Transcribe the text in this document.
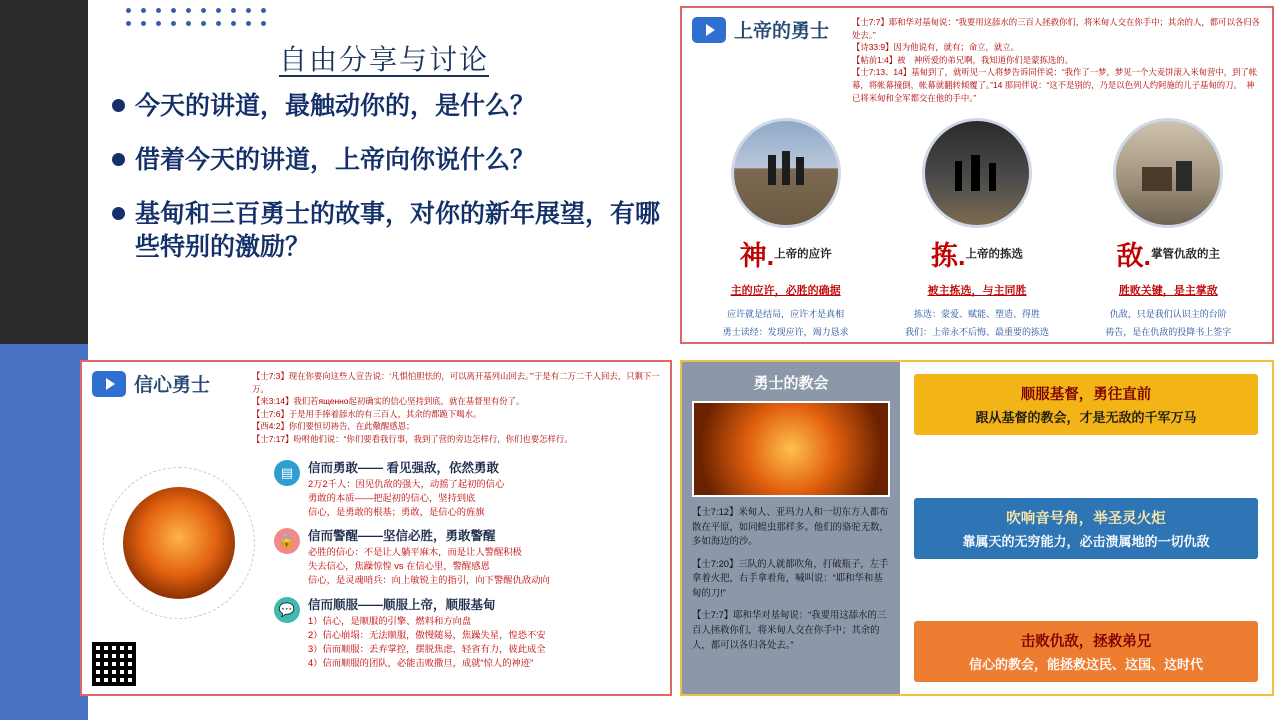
自由分享与讨论
今天的讲道，最触动你的，是什么？
借着今天的讲道，上帝向你说什么？
基甸和三百勇士的故事，对你的新年展望，有哪些特别的激励？
上帝的勇士	【士7:7】耶和华对基甸说：“我要用这舔水的三百人拯救你们，将米甸人交在你手中；其余的人，都可以各归各处去。”
【诗33:9】因为他说有，就有；命立，就立。
【帖前1:4】被　神所爱的弟兄啊，我知道你们是蒙拣选的。
【士7:13、14】基甸到了，就听见一人将梦告诉同伴说：“我作了一梦，梦见一个大麦饼滚入米甸营中，到了帐幕，将帐幕撞倒，帐幕就翻转倾覆了。”14 那同伴说：“这不是别的，乃是以色列人约阿施的儿子基甸的刀。　神已将米甸和全军都交在他的手中。”
神.上帝的应许
主的应许，必胜的确据
应许就是结局，应许才是真相
勇士读经：发现应许，竭力恳求
拣.上帝的拣选
被主拣选，与主同胜
拣选：蒙爱、赋能、塑造、得胜
我们：上帝永不后悔、最重要的拣选
敌.掌管仇敌的主
胜败关键，是主掌敌
仇敌，只是我们认识主的台阶
祷告，是在仇敌的投降书上签字
信心勇士	【士7:3】现在你要向这些人宣告说：‘凡惧怕胆怯的，可以离开基列山回去。’”于是有二万二千人回去，只剩下一万。
【来3:14】我们若ященно起初确实的信心坚持到底，就在基督里有份了。
【士7:6】于是用手捧着舔水的有三百人，其余的都跪下喝水。
【西4:2】你们要恒切祷告，在此儆醒感恩；
【士7:17】吩咐他们说：“你们要看我行事，我到了营的旁边怎样行，你们也要怎样行。
▤	信而勇敢—— 看见强敌，依然勇敢
2万2千人：因见仇敌的强大，动摇了起初的信心
勇敢的本质——把起初的信心，坚持到底
信心，是勇敢的根基；勇敢，是信心的旌旗
🔒	信而警醒——坚信必胜，勇敢警醒
必胜的信心：不是让人躺平麻木，而是让人警醒积极
失去信心，焦躁惊惶 vs 在信心里，警醒感恩
信心，是灵魂哨兵：向上敏锐主的指引，向下警醒仇敌动向
💬	信而顺服——顺服上帝，顺服基甸
1）信心，是顺服的引擎、燃料和方向盘
2）信心崩塌：无法顺服，傲慢随易，焦躁失星，惶恐不安
3）信而顺服：丢弃掌控，摆脱焦虑，轻省有力，彼此成全
4）信而顺服的团队，必能击败撒旦，成就“惊人的神迹”
勇士的教会
【士7:12】米甸人、亚玛力人和一切东方人都布散在平原，如同蝗虫那样多。他们的骆驼无数，多如海边的沙。
【士7:20】三队的人就都吹角，打破瓶子，左手拿着火把，右手拿着角，喊叫说：“耶和华和基甸的刀!”
【士7:7】耶和华对基甸说：“我要用这舔水的三百人拯救你们，将米甸人交在你手中；其余的人，都可以各归各处去。”
顺服基督，勇往直前
跟从基督的教会，才是无敌的千军万马
吹响音号角，举圣灵火炬
靠属天的无穷能力，必击溃属地的一切仇敌
击败仇敌，拯救弟兄
信心的教会，能拯救这民、这国、这时代
